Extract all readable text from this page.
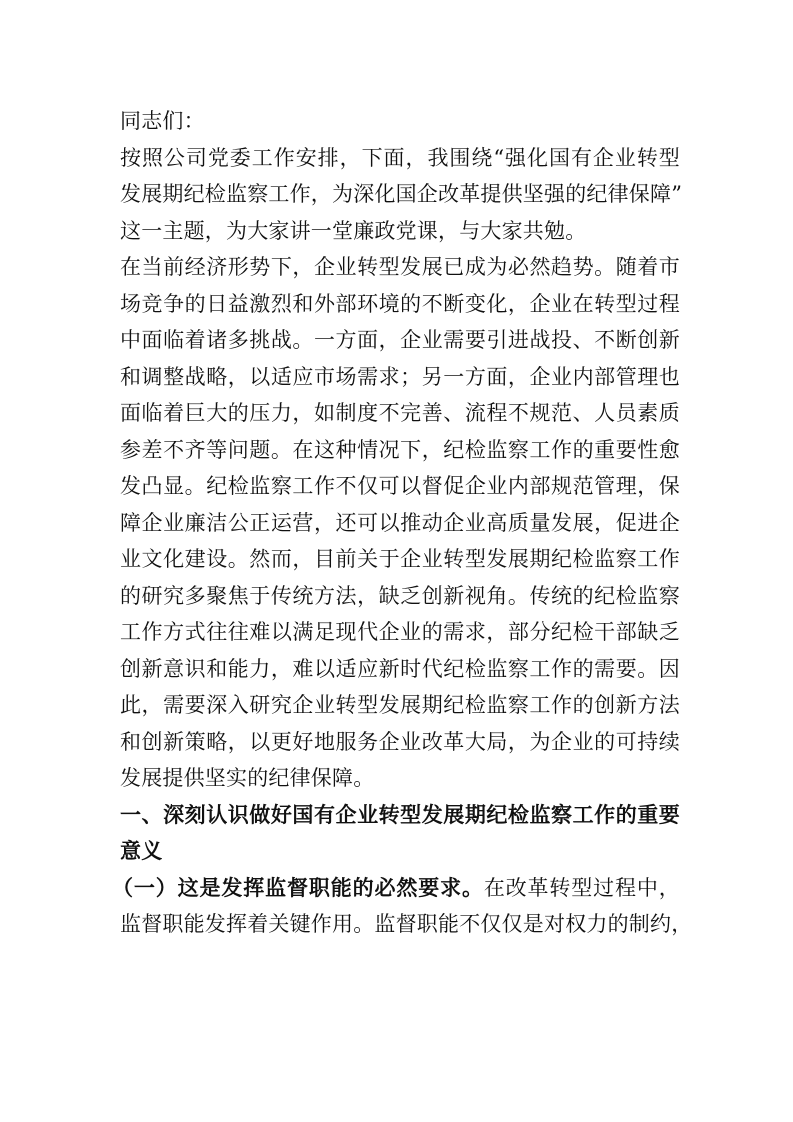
同志们：
按照公司党委工作安排，下面，我围绕“强化国有企业转型
发展期纪检监察工作，为深化国企改革提供坚强的纪律保障”
这一主题，为大家讲一堂廉政党课，与大家共勉。
在当前经济形势下，企业转型发展已成为必然趋势。随着市
场竞争的日益激烈和外部环境的不断变化，企业在转型过程
中面临着诸多挑战。一方面，企业需要引进战投、不断创新
和调整战略，以适应市场需求；另一方面，企业内部管理也
面临着巨大的压力，如制度不完善、流程不规范、人员素质
参差不齐等问题。在这种情况下，纪检监察工作的重要性愈
发凸显。纪检监察工作不仅可以督促企业内部规范管理，保
障企业廉洁公正运营，还可以推动企业高质量发展，促进企
业文化建设。然而，目前关于企业转型发展期纪检监察工作
的研究多聚焦于传统方法，缺乏创新视角。传统的纪检监察
工作方式往往难以满足现代企业的需求，部分纪检干部缺乏
创新意识和能力，难以适应新时代纪检监察工作的需要。因
此，需要深入研究企业转型发展期纪检监察工作的创新方法
和创新策略，以更好地服务企业改革大局，为企业的可持续
发展提供坚实的纪律保障。
一、深刻认识做好国有企业转型发展期纪检监察工作的重要
意义
（一）这是发挥监督职能的必然要求。在改革转型过程中，
监督职能发挥着关键作用。监督职能不仅仅是对权力的制约，
